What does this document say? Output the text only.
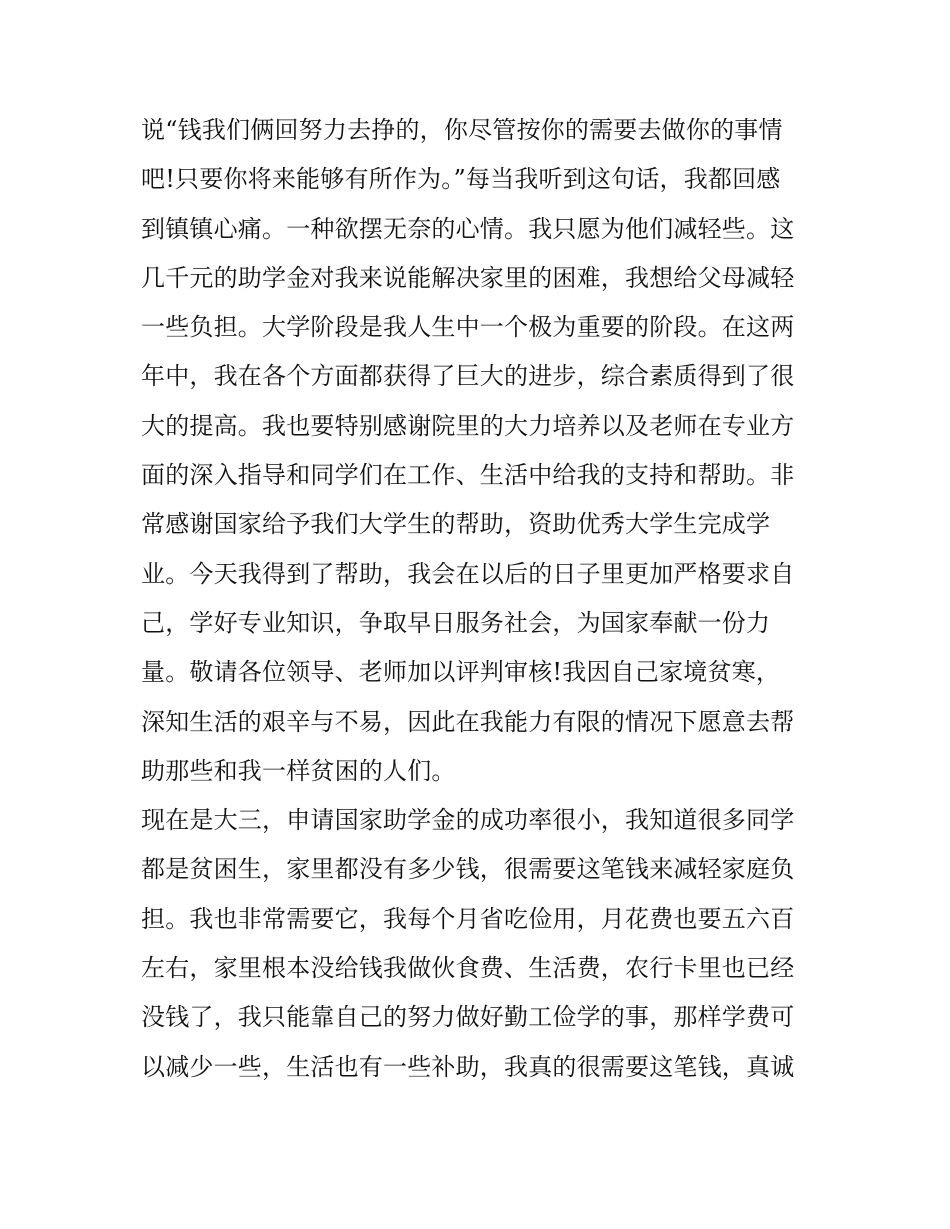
说“钱我们俩回努力去挣的，你尽管按你的需要去做你的事情
吧!只要你将来能够有所作为。”每当我听到这句话，我都回感
到镇镇心痛。一种欲摆无奈的心情。我只愿为他们减轻些。这
几千元的助学金对我来说能解决家里的困难，我想给父母减轻
一些负担。大学阶段是我人生中一个极为重要的阶段。在这两
年中，我在各个方面都获得了巨大的进步，综合素质得到了很
大的提高。我也要特别感谢院里的大力培养以及老师在专业方
面的深入指导和同学们在工作、生活中给我的支持和帮助。非
常感谢国家给予我们大学生的帮助，资助优秀大学生完成学
业。今天我得到了帮助，我会在以后的日子里更加严格要求自
己，学好专业知识，争取早日服务社会，为国家奉献一份力
量。敬请各位领导、老师加以评判审核!我因自己家境贫寒，
深知生活的艰辛与不易，因此在我能力有限的情况下愿意去帮
助那些和我一样贫困的人们。
现在是大三，申请国家助学金的成功率很小，我知道很多同学
都是贫困生，家里都没有多少钱，很需要这笔钱来减轻家庭负
担。我也非常需要它，我每个月省吃俭用，月花费也要五六百
左右，家里根本没给钱我做伙食费、生活费，农行卡里也已经
没钱了，我只能靠自己的努力做好勤工俭学的事，那样学费可
以减少一些，生活也有一些补助，我真的很需要这笔钱，真诚
